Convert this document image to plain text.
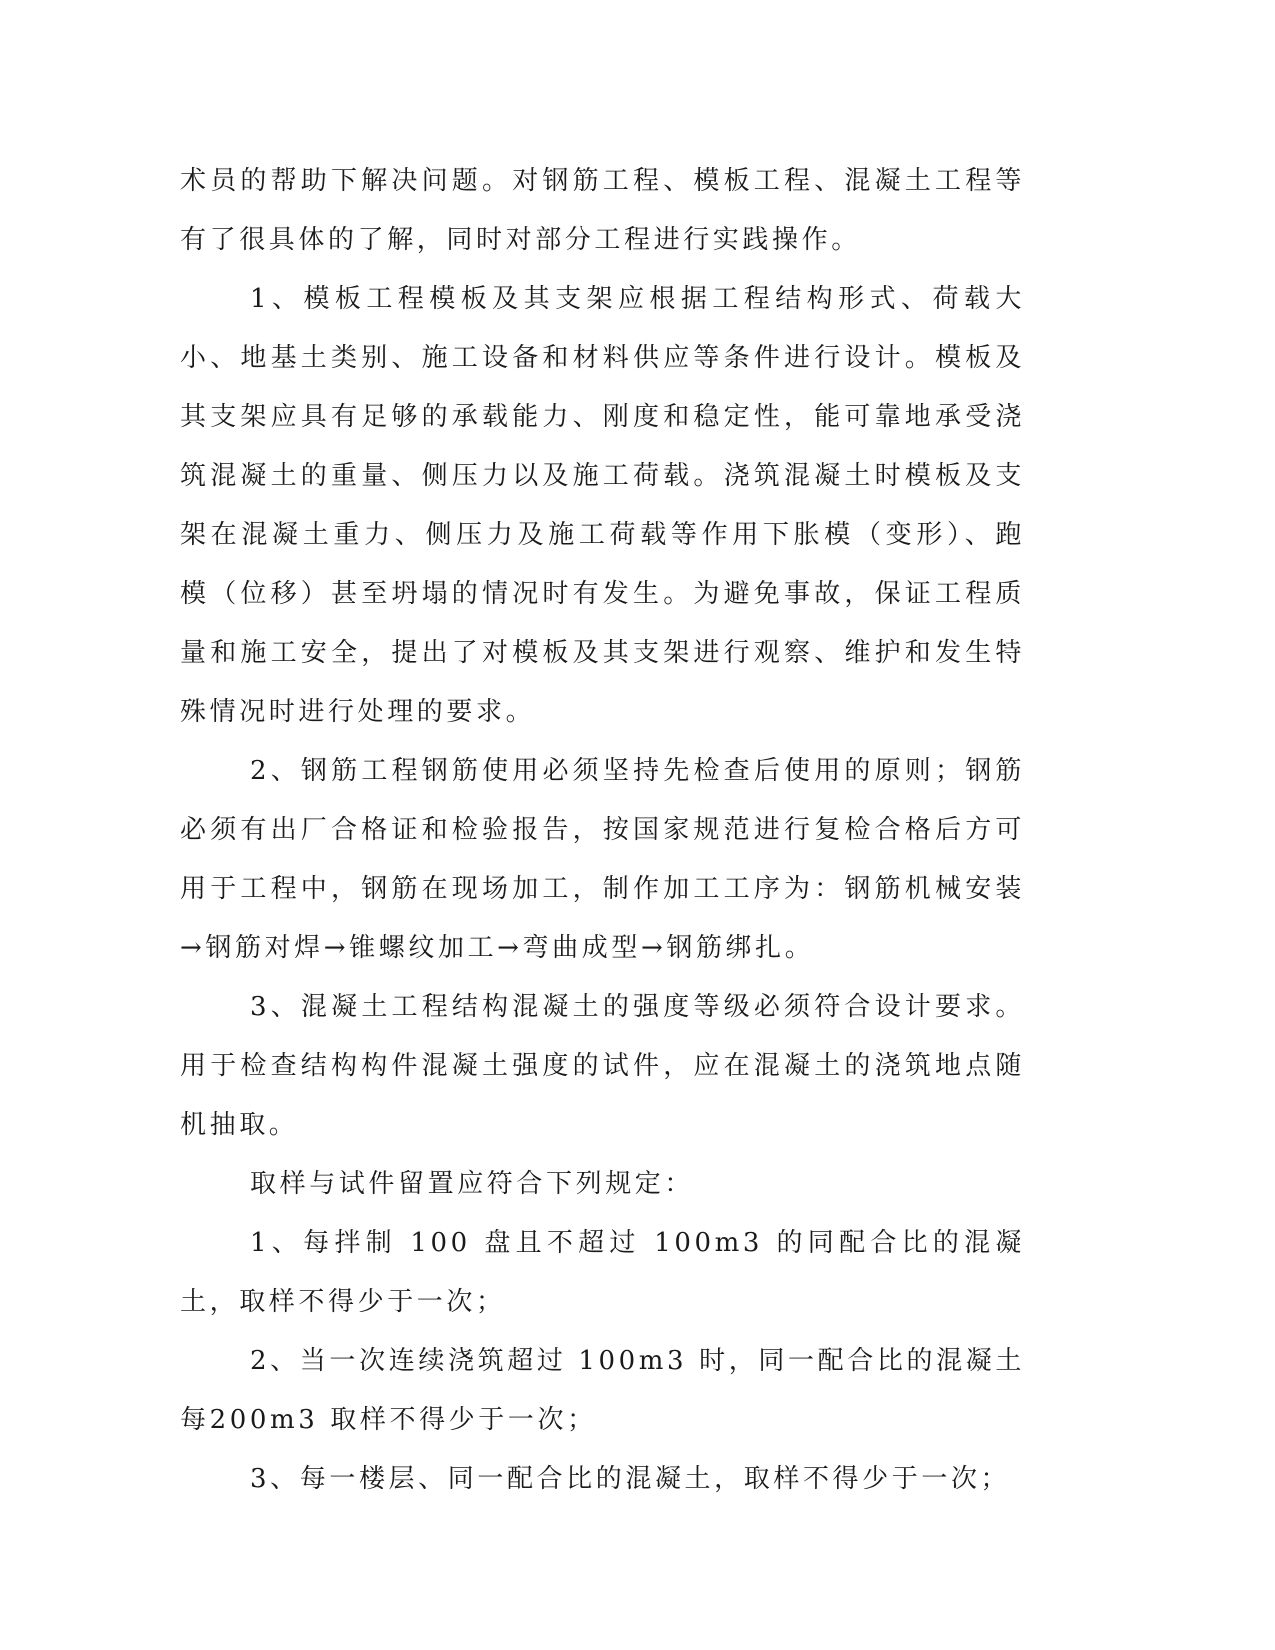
术员的帮助下解决问题。对钢筋工程、模板工程、混凝土工程等有了很具体的了解，同时对部分工程进行实践操作。

1、模板工程模板及其支架应根据工程结构形式、荷载大小、地基土类别、施工设备和材料供应等条件进行设计。模板及其支架应具有足够的承载能力、刚度和稳定性，能可靠地承受浇筑混凝土的重量、侧压力以及施工荷载。浇筑混凝土时模板及支架在混凝土重力、侧压力及施工荷载等作用下胀模（变形）、跑模（位移）甚至坍塌的情况时有发生。为避免事故，保证工程质量和施工安全，提出了对模板及其支架进行观察、维护和发生特殊情况时进行处理的要求。

2、钢筋工程钢筋使用必须坚持先检查后使用的原则；钢筋必须有出厂合格证和检验报告，按国家规范进行复检合格后方可用于工程中，钢筋在现场加工，制作加工工序为：钢筋机械安装→钢筋对焊→锥螺纹加工→弯曲成型→钢筋绑扎。

3、混凝土工程结构混凝土的强度等级必须符合设计要求。用于检查结构构件混凝土强度的试件，应在混凝土的浇筑地点随机抽取。

取样与试件留置应符合下列规定：

1、每拌制 100 盘且不超过 100m3 的同配合比的混凝土，取样不得少于一次；

2、当一次连续浇筑超过 100m3 时，同一配合比的混凝土每200m3 取样不得少于一次；

3、每一楼层、同一配合比的混凝土，取样不得少于一次；
